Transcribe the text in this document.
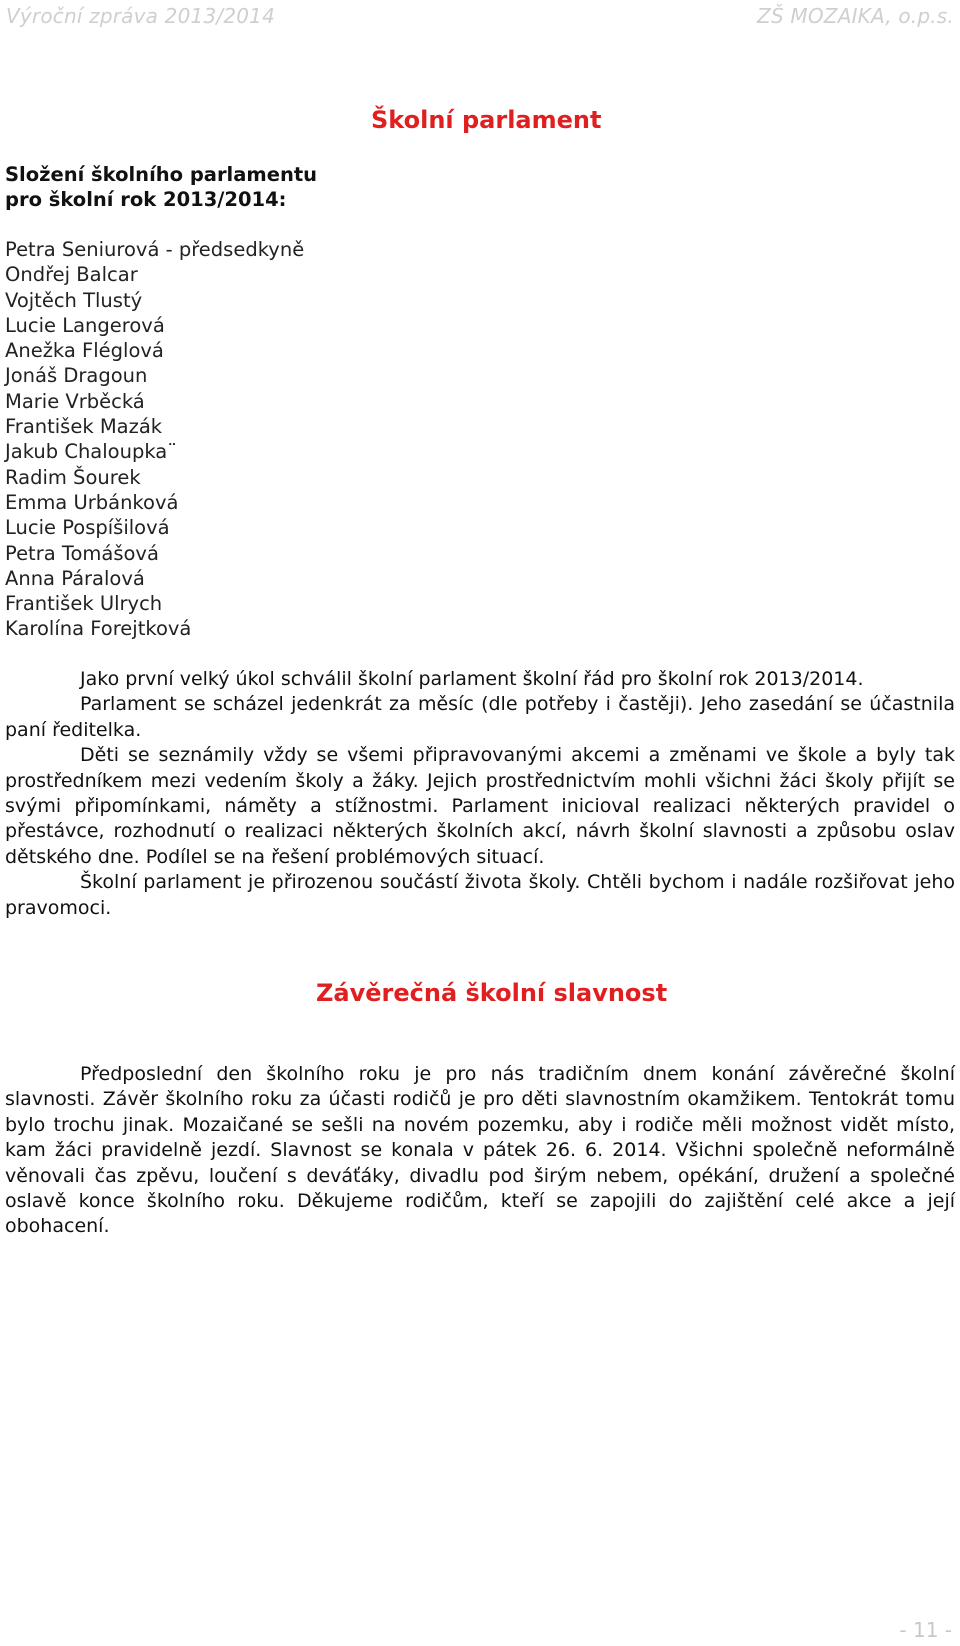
Výroční zpráva 2013/2014	ZŠ MOZAIKA, o.p.s.
Školní parlament
Složení školního parlamentu
pro školní rok 2013/2014:
Petra Seniurová - předsedkyně
Ondřej Balcar
Vojtěch Tlustý
Lucie Langerová
Anežka Fléglová
Jonáš Dragoun
Marie Vrběcká
František Mazák
Jakub Chaloupka¨
Radim Šourek
Emma Urbánková
Lucie Pospíšilová
Petra Tomášová
Anna Páralová
František Ulrych
Karolína Forejtková

Jako první velký úkol schválil školní parlament školní řád pro školní rok 2013/2014.

Parlament se scházel jedenkrát za měsíc (dle potřeby i častěji). Jeho zasedání se účastnila paní ředitelka.

Děti se seznámily vždy se všemi připravovanými akcemi a změnami ve škole a byly tak prostředníkem mezi vedením školy a žáky. Jejich prostřednictvím mohli všichni žáci školy přijít se svými připomínkami, náměty a stížnostmi. Parlament inicioval realizaci některých pravidel o přestávce, rozhodnutí o realizaci některých školních akcí, návrh školní slavnosti a způsobu oslav dětského dne. Podílel se na řešení problémových situací.

Školní parlament je přirozenou součástí života školy. Chtěli bychom i nadále rozšiřovat jeho pravomoci.

Závěrečná školní slavnost

Předposlední den školního roku je pro nás tradičním dnem konání závěrečné školní slavnosti. Závěr školního roku za účasti rodičů je pro děti slavnostním okamžikem. Tentokrát tomu bylo trochu jinak. Mozaičané se sešli na novém pozemku, aby i rodiče měli možnost vidět místo, kam žáci pravidelně jezdí. Slavnost se konala v pátek 26. 6. 2014. Všichni společně neformálně věnovali čas zpěvu, loučení s deváťáky, divadlu pod širým nebem, opékání, družení a společné oslavě konce školního roku. Děkujeme rodičům, kteří se zapojili do zajištění celé akce a její obohacení.

- 11 -
